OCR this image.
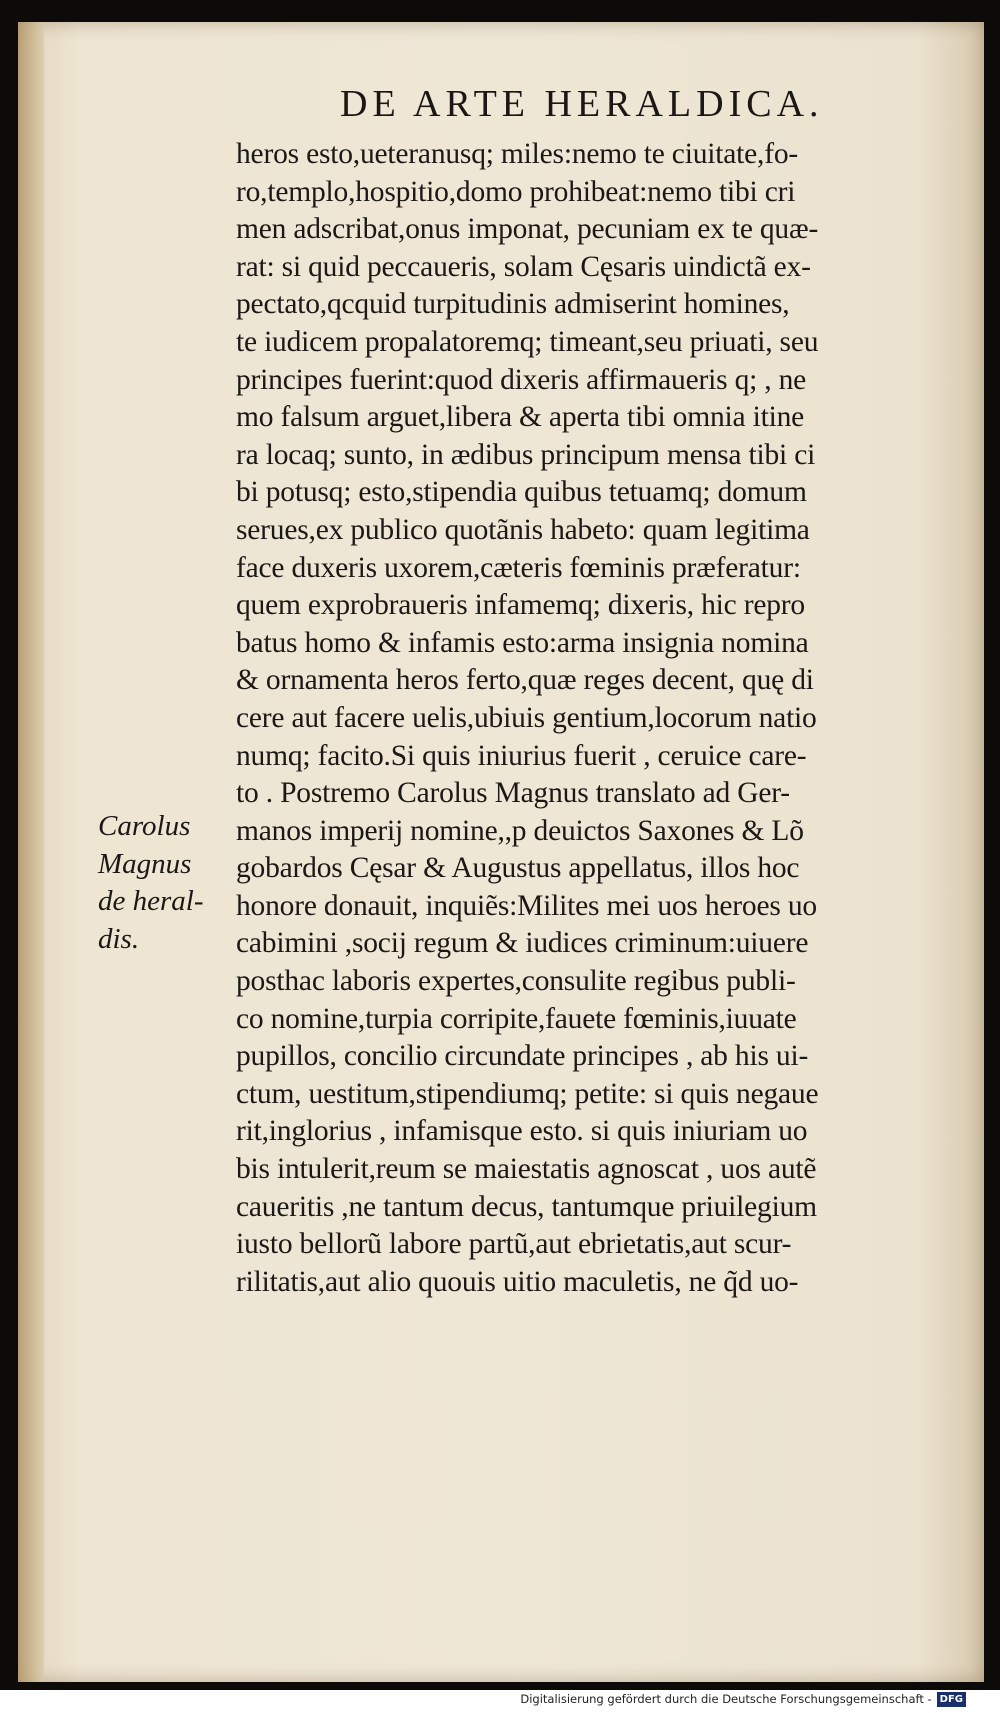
DE ARTE HERALDICA.
heros esto,ueteranusq; miles:nemo te ciuitate,fo-
ro,templo,hospitio,domo prohibeat:nemo tibi cri
men adscribat,onus imponat, pecuniam ex te quæ-
rat: si quid peccaueris, solam Cęsaris uindictã ex-
pectato,qcquid turpitudinis admiserint homines,
te iudicem propalatoremq; timeant,seu priuati, seu
principes fuerint:quod dixeris affirmaueris q; , ne
mo falsum arguet,libera & aperta tibi omnia itine
ra locaq; sunto, in ædibus principum mensa tibi ci
bi potusq; esto,stipendia quibus tetuamq; domum
serues,ex publico quotãnis habeto: quam legitima
face duxeris uxorem,cæteris fœminis præferatur:
quem exprobraueris infamemq; dixeris, hic repro
batus homo & infamis esto:arma insignia nomina
& ornamenta heros ferto,quæ reges decent, quę di
cere aut facere uelis,ubiuis gentium,locorum natio
numq; facito.Si quis iniurius fuerit , ceruice care-
to . Postremo Carolus Magnus translato ad Ger-
manos imperij nomine,,p deuictos Saxones & Lõ
gobardos Cęsar & Augustus appellatus, illos hoc
honore donauit, inquiẽs:Milites mei uos heroes uo
cabimini ,socij regum & iudices criminum:uiuere
posthac laboris expertes,consulite regibus publi-
co nomine,turpia corripite,fauete fœminis,iuuate
pupillos, concilio circundate principes , ab his ui-
ctum, uestitum,stipendiumq; petite: si quis negaue
rit,inglorius , infamisque esto. si quis iniuriam uo
bis intulerit,reum se maiestatis agnoscat , uos autẽ
caueritis ,ne tantum decus, tantumque priuilegium
iusto bellorũ labore partũ,aut ebrietatis,aut scur-
rilitatis,aut alio quouis uitio maculetis, ne q̃d uo-
Carolus
Magnus
de heral-
dis.
Digitalisierung gefördert durch die Deutsche Forschungsgemeinschaft - DFG
